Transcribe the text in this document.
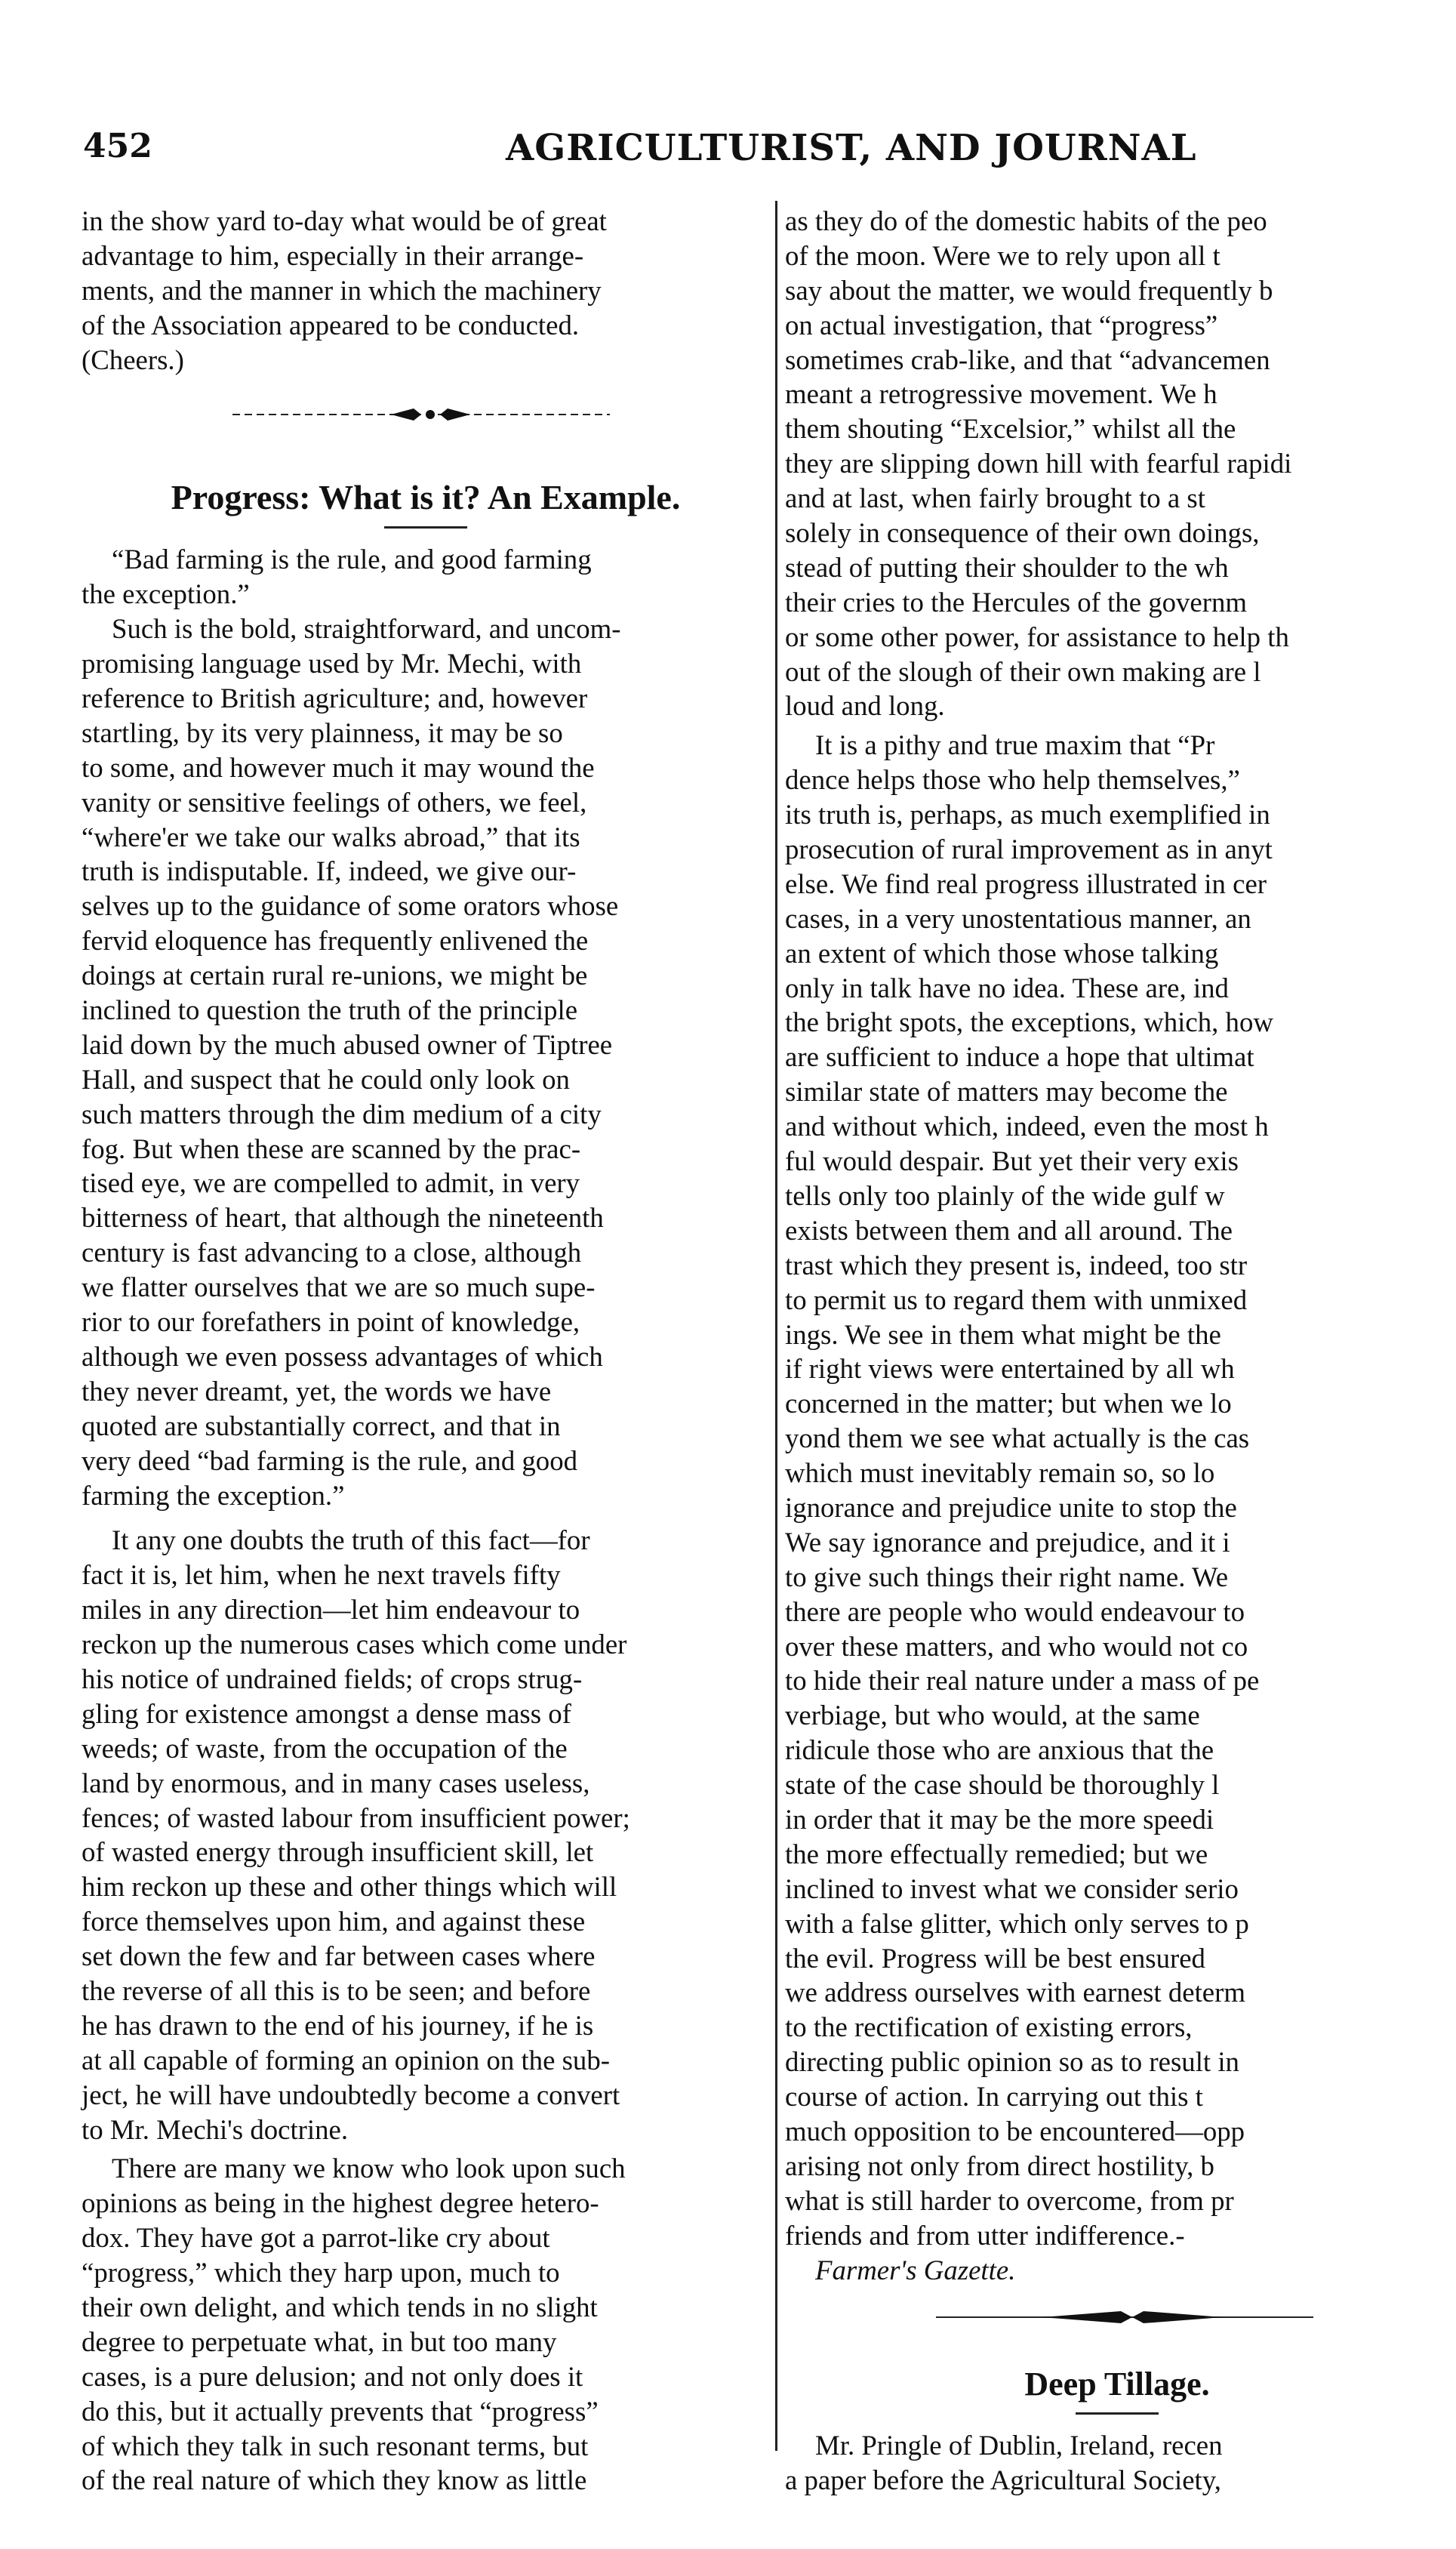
452	AGRICULTURIST, AND JOURNAL
in the show yard to-day what would be of great
advantage to him, especially in their arrange-
ments, and the manner in which the machinery
of the Association appeared to be conducted.
(Cheers.)
Progress: What is it? An Example.
“Bad farming is the rule, and good farming
the exception.”
Such is the bold, straightforward, and uncom-
promising language used by Mr. Mechi, with
reference to British agriculture; and, however
startling, by its very plainness, it may be so
to some, and however much it may wound the
vanity or sensitive feelings of others, we feel,
“where'er we take our walks abroad,” that its
truth is indisputable. If, indeed, we give our-
selves up to the guidance of some orators whose
fervid eloquence has frequently enlivened the
doings at certain rural re-unions, we might be
inclined to question the truth of the principle
laid down by the much abused owner of Tiptree
Hall, and suspect that he could only look on
such matters through the dim medium of a city
fog. But when these are scanned by the prac-
tised eye, we are compelled to admit, in very
bitterness of heart, that although the nineteenth
century is fast advancing to a close, although
we flatter ourselves that we are so much supe-
rior to our forefathers in point of knowledge,
although we even possess advantages of which
they never dreamt, yet, the words we have
quoted are substantially correct, and that in
very deed “bad farming is the rule, and good
farming the exception.”
It any one doubts the truth of this fact—for
fact it is, let him, when he next travels fifty
miles in any direction—let him endeavour to
reckon up the numerous cases which come under
his notice of undrained fields; of crops strug-
gling for existence amongst a dense mass of
weeds; of waste, from the occupation of the
land by enormous, and in many cases useless,
fences; of wasted labour from insufficient power;
of wasted energy through insufficient skill, let
him reckon up these and other things which will
force themselves upon him, and against these
set down the few and far between cases where
the reverse of all this is to be seen; and before
he has drawn to the end of his journey, if he is
at all capable of forming an opinion on the sub-
ject, he will have undoubtedly become a convert
to Mr. Mechi's doctrine.
There are many we know who look upon such
opinions as being in the highest degree hetero-
dox. They have got a parrot-like cry about
“progress,” which they harp upon, much to
their own delight, and which tends in no slight
degree to perpetuate what, in but too many
cases, is a pure delusion; and not only does it
do this, but it actually prevents that “progress”
of which they talk in such resonant terms, but
of the real nature of which they know as little
as they do of the domestic habits of the peo
of the moon. Were we to rely upon all t
say about the matter, we would frequently b
on actual investigation, that “progress”
sometimes crab-like, and that “advancemen
meant a retrogressive movement. We h
them shouting “Excelsior,” whilst all the
they are slipping down hill with fearful rapidi
and at last, when fairly brought to a st
solely in consequence of their own doings,
stead of putting their shoulder to the wh
their cries to the Hercules of the governm
or some other power, for assistance to help th
out of the slough of their own making are l
loud and long.
It is a pithy and true maxim that “Pr
dence helps those who help themselves,”
its truth is, perhaps, as much exemplified in
prosecution of rural improvement as in anyt
else. We find real progress illustrated in cer
cases, in a very unostentatious manner, an
an extent of which those whose talking
only in talk have no idea. These are, ind
the bright spots, the exceptions, which, how
are sufficient to induce a hope that ultimat
similar state of matters may become the
and without which, indeed, even the most h
ful would despair. But yet their very exis
tells only too plainly of the wide gulf w
exists between them and all around. The
trast which they present is, indeed, too str
to permit us to regard them with unmixed
ings. We see in them what might be the
if right views were entertained by all wh
concerned in the matter; but when we lo
yond them we see what actually is the cas
which must inevitably remain so, so lo
ignorance and prejudice unite to stop the
We say ignorance and prejudice, and it i
to give such things their right name. We
there are people who would endeavour to
over these matters, and who would not co
to hide their real nature under a mass of pe
verbiage, but who would, at the same
ridicule those who are anxious that the
state of the case should be thoroughly l
in order that it may be the more speedi
the more effectually remedied; but we
inclined to invest what we consider serio
with a false glitter, which only serves to p
the evil. Progress will be best ensured
we address ourselves with earnest determ
to the rectification of existing errors,
directing public opinion so as to result in
course of action. In carrying out this t
much opposition to be encountered—opp
arising not only from direct hostility, b
what is still harder to overcome, from pr
friends and from utter indifference.-
Farmer's Gazette.
Deep Tillage.
Mr. Pringle of Dublin, Ireland, recen
a paper before the Agricultural Society,
